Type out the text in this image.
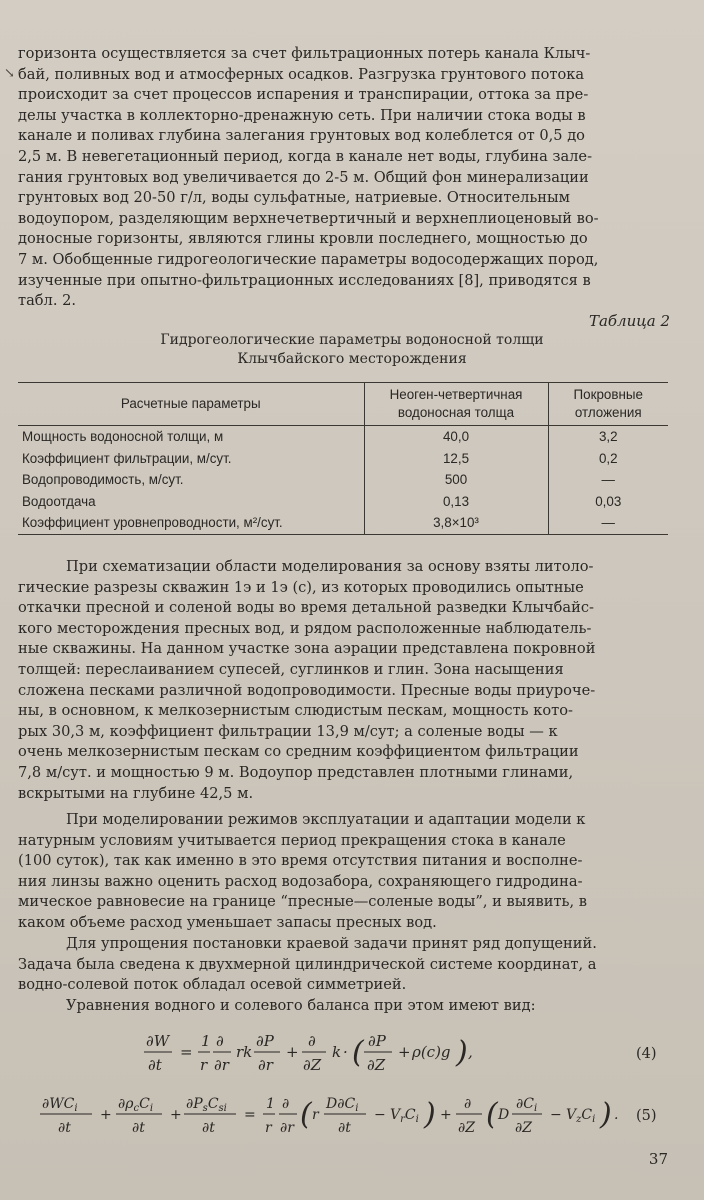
↘
горизонта осуществляется за счет фильтрационных потерь канала Клыч-
бай, поливных вод и атмосферных осадков. Разгрузка грунтового потока
происходит за счет процессов испарения и транспирации, оттока за пре-
делы участка в коллекторно-дренажную сеть. При наличии стока воды в
канале и поливах глубина залегания грунтовых вод колеблется от 0,5 до
2,5 м. В невегетационный период, когда в канале нет воды, глубина зале-
гания грунтовых вод увеличивается до 2-5 м. Общий фон минерализации
грунтовых вод 20-50 г/л, воды сульфатные, натриевые. Относительным
водоупором, разделяющим верхнечетвертичный и верхнеплиоценовый во-
доносные горизонты, являются глины кровли последнего, мощностью до
7 м. Обобщенные гидрогеологические параметры водосодержащих пород,
изученные при опытно-фильтрационных исследованиях [8], приводятся в
табл. 2.
Таблица 2
Гидрогеологические параметры водоносной толщи
Клычбайского месторождения
Расчетные параметры	Неоген-четвертичная водоносная толща	Покровные отложения
Мощность водоносной толщи, м	40,0	3,2
Коэффициент фильтрации, м/сут.	12,5	0,2
Водопроводимость, м/сут.	500	—
Водоотдача	0,13	0,03
Коэффициент уровнепроводности, м²/сут.	3,8×10³	—
При схематизации области моделирования за основу взяты литоло-
гические разрезы скважин 1э и 1э (с), из которых проводились опытные
откачки пресной и соленой воды во время детальной разведки Клычбайс-
кого месторождения пресных вод, и рядом расположенные наблюдатель-
ные скважины. На данном участке зона аэрации представлена покровной
толщей: переслаиванием супесей, суглинков и глин. Зона насыщения
сложена песками различной водопроводимости. Пресные воды приуроче-
ны, в основном, к мелкозернистым слюдистым пескам, мощность кото-
рых 30,3 м, коэффициент фильтрации 13,9 м/сут; а соленые воды — к
очень мелкозернистым пескам со средним коэффициентом фильтрации
7,8 м/сут. и мощностью 9 м. Водоупор представлен плотными глинами,
вскрытыми на глубине 42,5 м.
При моделировании режимов эксплуатации и адаптации модели к
натурным условиям учитывается период прекращения стока в канале
(100 суток), так как именно в это время отсутствия питания и восполне-
ния линзы важно оценить расход водозабора, сохраняющего гидродина-
мическое равновесие на границе “пресные—соленые воды”, и выявить, в
каком объеме расход уменьшает запасы пресных вод.
Для упрощения постановки краевой задачи принят ряд допущений.
Задача была сведена к двухмерной цилиндрической системе координат, а
водно-солевой поток обладал осевой симметрией.
Уравнения водного и солевого баланса при этом имеют вид:
∂W
∂t
=
1
r
∂
∂r
rk
∂P
∂r
+
∂
∂Z
k · ( ∂P
∂Z
+ ρ(c)g ) ,	(4)
$\partial WC_i$
∂t
+
$\partial\rho_cC_i$
∂t
+
$\partial P_sC_{si}$
∂t
=
1
r
∂
∂r ( r
$D\partial C_i$
∂t
− $V_rC_i$ ) +
∂
∂Z ( D
$\partial C_i$
∂Z
− $V_zC_i$ ) . (5)
37
